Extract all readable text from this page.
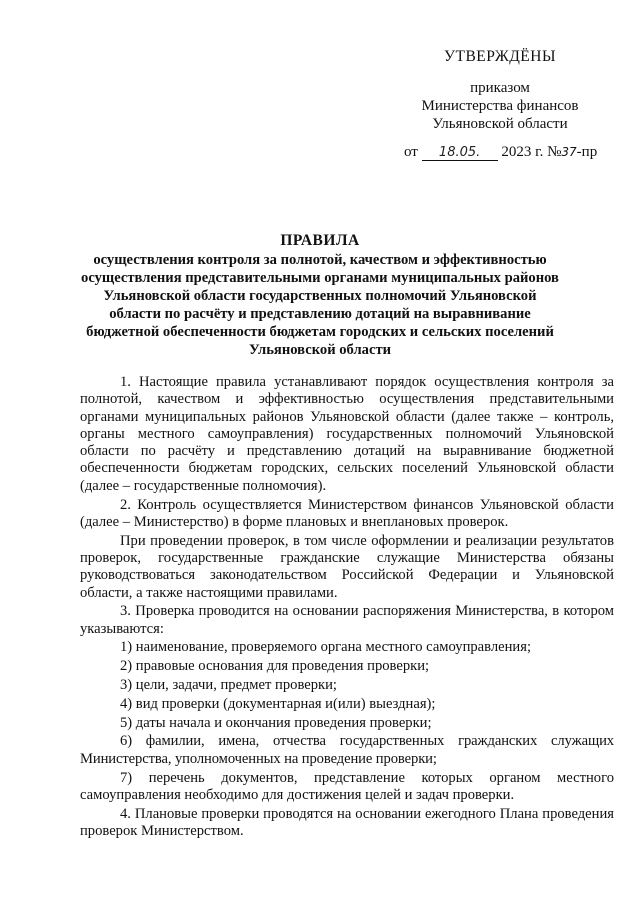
УТВЕРЖДЁНЫ
приказом
Министерства финансов
Ульяновской области
от 18.05. 2023 г. №37-пр
ПРАВИЛА
осуществления контроля за полнотой, качеством и эффективностью осуществления представительными органами муниципальных районов Ульяновской области государственных полномочий Ульяновской области по расчёту и представлению дотаций на выравнивание бюджетной обеспеченности бюджетам городских и сельских поселений Ульяновской области

1. Настоящие правила устанавливают порядок осуществления контроля за полнотой, качеством и эффективностью осуществления представительными органами муниципальных районов Ульяновской области (далее также – контроль, органы местного самоуправления) государственных полномочий Ульяновской области по расчёту и представлению дотаций на выравнивание бюджетной обеспеченности бюджетам городских, сельских поселений Ульяновской области (далее – государственные полномочия).

2. Контроль осуществляется Министерством финансов Ульяновской области (далее – Министерство) в форме плановых и внеплановых проверок.

При проведении проверок, в том числе оформлении и реализации результатов проверок, государственные гражданские служащие Министерства обязаны руководствоваться законодательством Российской Федерации и Ульяновской области, а также настоящими правилами.

3. Проверка проводится на основании распоряжения Министерства, в котором указываются:

1) наименование, проверяемого органа местного самоуправления;

2) правовые основания для проведения проверки;

3) цели, задачи, предмет проверки;

4) вид проверки (документарная и(или) выездная);

5) даты начала и окончания проведения проверки;

6) фамилии, имена, отчества государственных гражданских служащих Министерства, уполномоченных на проведение проверки;

7) перечень документов, представление которых органом местного самоуправления необходимо для достижения целей и задач проверки.

4. Плановые проверки проводятся на основании ежегодного Плана проведения проверок Министерством.
